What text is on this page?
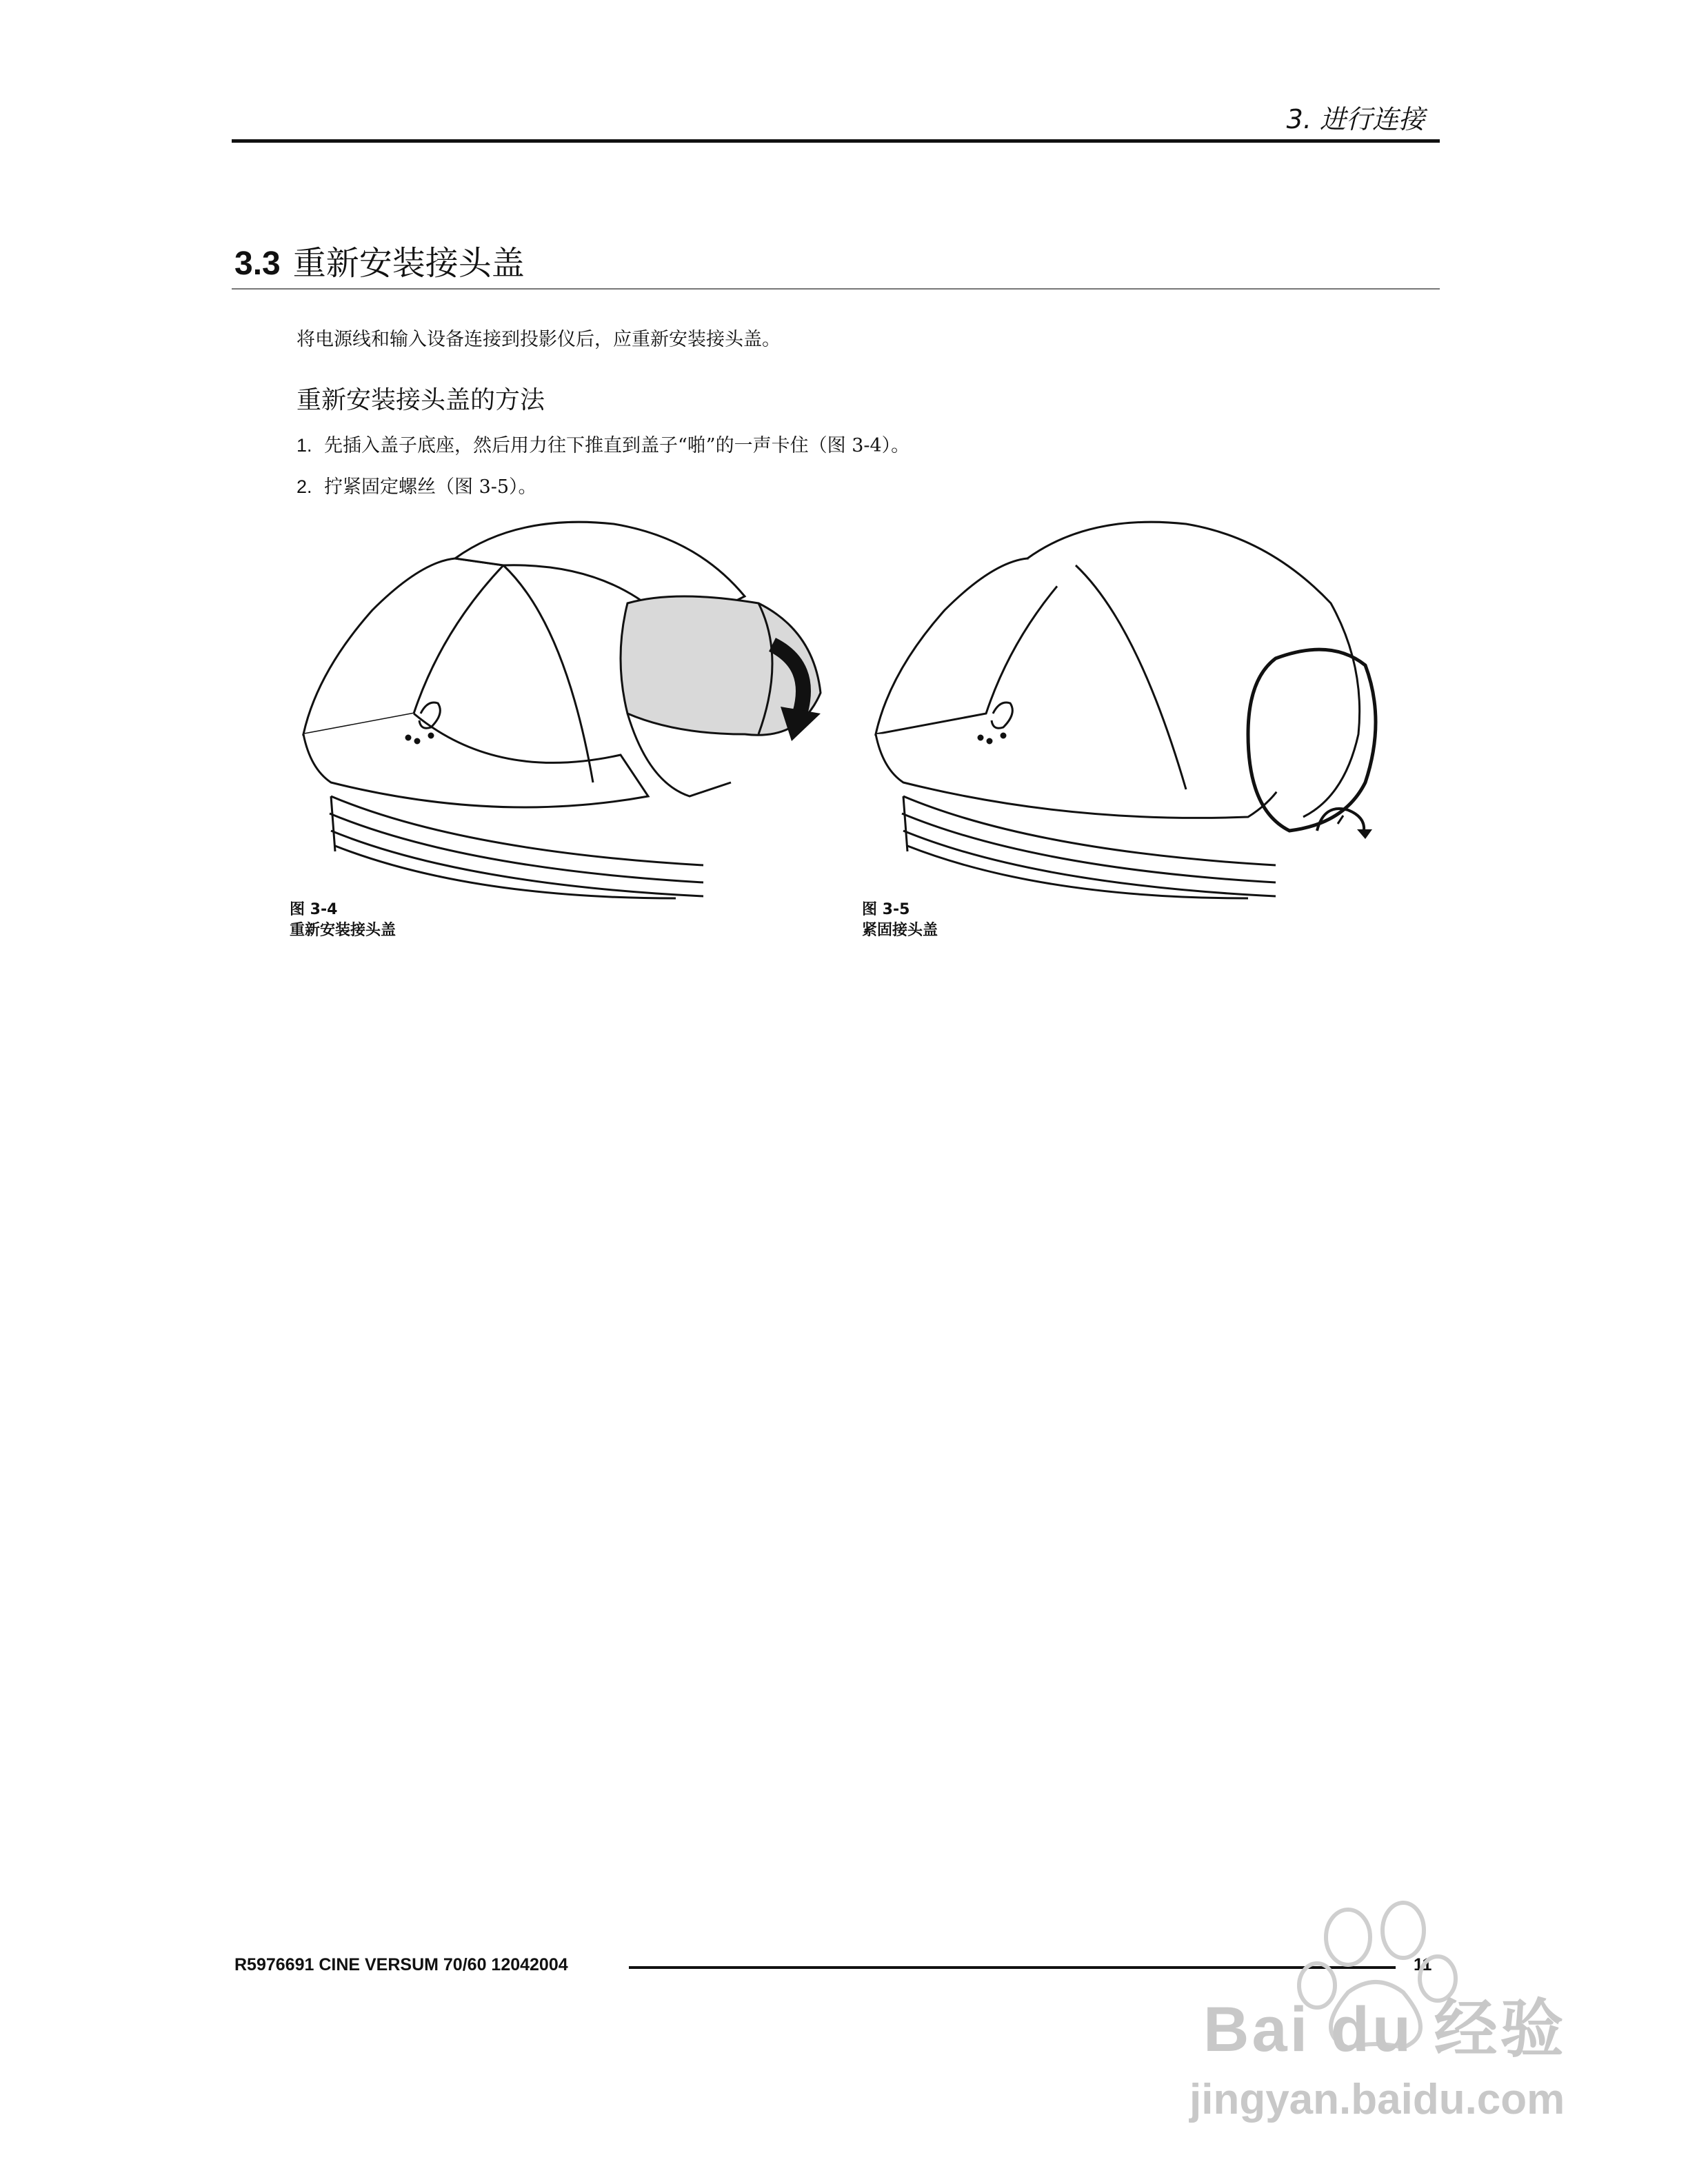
3. 进行连接
3.3 重新安装接头盖
将电源线和输入设备连接到投影仪后，应重新安装接头盖。
重新安装接头盖的方法
1. 先插入盖子底座，然后用力往下推直到盖子“啪”的一声卡住（图 3-4）。
2. 拧紧固定螺丝（图 3-5）。
图 3-4
重新安装接头盖
图 3-5
紧固接头盖
R5976691 CINE VERSUM 70/60 12042004	11
Bai du 经验
jingyan.baidu.com
